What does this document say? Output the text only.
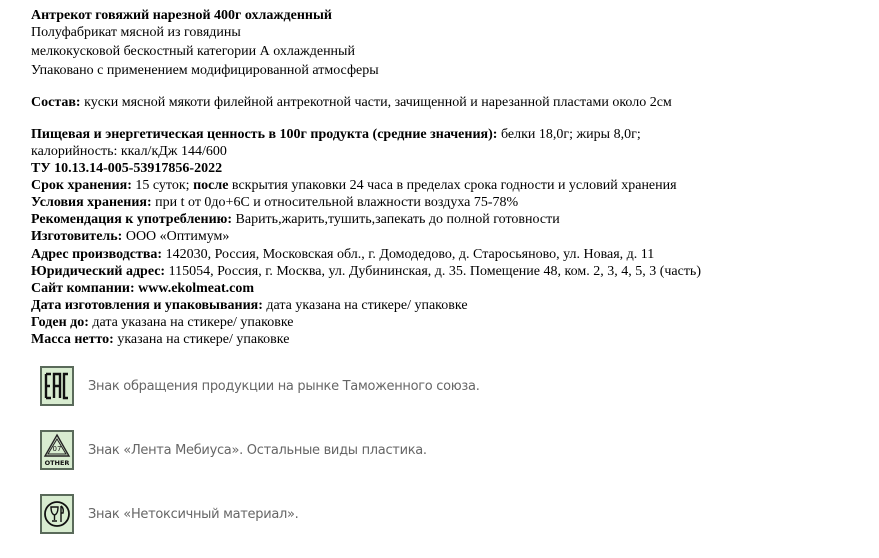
Антрекот говяжий нарезной 400г охлажденный
Полуфабрикат мясной из говядины
мелкокусковой бескостный категории А охлажденный
Упаковано с применением модифицированной атмосферы
Состав: куски мясной мякоти филейной антрекотной части, зачищенной и нарезанной пластами около 2см
Пищевая и энергетическая ценность в 100г продукта (средние значения): белки 18,0г; жиры 8,0г;
калорийность: ккал/кДж 144/600
ТУ 10.13.14-005-53917856-2022
Срок хранения: 15 суток; после вскрытия упаковки 24 часа в пределах срока годности и условий хранения
Условия хранения: при t от 0до+6С и относительной влажности воздуха 75-78%
Рекомендация к употреблению: Варить,жарить,тушить,запекать до полной готовности
Изготовитель: ООО «Оптимум»
Адрес производства: 142030, Россия, Московская обл., г. Домодедово, д. Старосьяново, ул. Новая, д. 11
Юридический адрес: 115054, Россия, г. Москва, ул. Дубининская, д. 35. Помещение 48, ком. 2, 3, 4, 5, 3 (часть)
Сайт компании: www.ekolmeat.com
Дата изготовления и упаковывания: дата указана на стикере/ упаковке
Годен до: дата указана на стикере/ упаковке
Масса нетто: указана на стикере/ упаковке
Знак обращения продукции на рынке Таможенного союза.
07
OTHER
Знак «Лента Мебиуса». Остальные виды пластика.
Знак «Нетоксичный материал».
